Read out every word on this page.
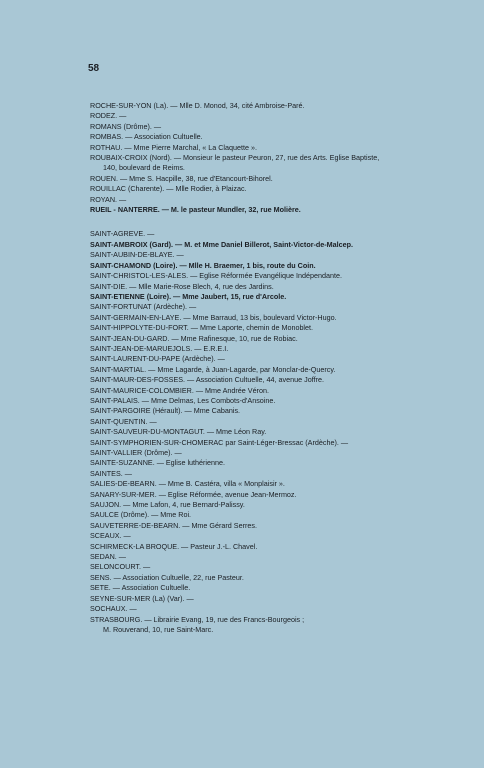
58
ROCHE-SUR-YON (La). — Mlle D. Monod, 34, cité Ambroise-Paré.
RODEZ. —
ROMANS (Drôme). —
ROMBAS. — Association Cultuelle.
ROTHAU. — Mme Pierre Marchal, « La Claquette ».
ROUBAIX-CROIX (Nord). — Monsieur le pasteur Peuron, 27, rue des Arts. Eglise Baptiste,
140, boulevard de Reims.
ROUEN. — Mme S. Hacpille, 38, rue d'Etancourt-Bihorel.
ROUILLAC (Charente). — Mlle Rodier, à Plaizac.
ROYAN. —
RUEIL - NANTERRE. — M. le pasteur Mundler, 32, rue Molière.
SAINT-AGREVE. —
SAINT-AMBROIX (Gard). — M. et Mme Daniel Billerot, Saint-Victor-de-Malcep.
SAINT-AUBIN-DE-BLAYE. —
SAINT-CHAMOND (Loire). — Mlle H. Braemer, 1 bis, route du Coin.
SAINT-CHRISTOL-LES-ALES. — Eglise Réformée Evangélique Indépendante.
SAINT-DIE. — Mlle Marie-Rose Blech, 4, rue des Jardins.
SAINT-ETIENNE (Loire). — Mme Jaubert, 15, rue d'Arcole.
SAINT-FORTUNAT (Ardèche). —
SAINT-GERMAIN-EN-LAYE. — Mme Barraud, 13 bis, boulevard Victor-Hugo.
SAINT-HIPPOLYTE-DU-FORT. — Mme Laporte, chemin de Monoblet.
SAINT-JEAN-DU-GARD. — Mme Rafinesque, 10, rue de Robiac.
SAINT-JEAN-DE-MARUEJOLS. — E.R.E.I.
SAINT-LAURENT-DU-PAPE (Ardèche). —
SAINT-MARTIAL. — Mme Lagarde, à Juan-Lagarde, par Monclar-de-Quercy.
SAINT-MAUR-DES-FOSSES. — Association Cultuelle, 44, avenue Joffre.
SAINT-MAURICE-COLOMBIER. — Mme Andrée Véron.
SAINT-PALAIS. — Mme Delmas, Les Combots-d'Ansoine.
SAINT-PARGOIRE (Hérault). — Mme Cabanis.
SAINT-QUENTIN. —
SAINT-SAUVEUR-DU-MONTAGUT. — Mme Léon Ray.
SAINT-SYMPHORIEN-SUR-CHOMERAC par Saint-Léger-Bressac (Ardèche). —
SAINT-VALLIER (Drôme). —
SAINTE-SUZANNE. — Eglise luthérienne.
SAINTES. —
SALIES-DE-BEARN. — Mme B. Castéra, villa « Monplaisir ».
SANARY-SUR-MER. — Eglise Réformée, avenue Jean-Mermoz.
SAUJON. — Mme Lafon, 4, rue Bernard-Palissy.
SAULCE (Drôme). — Mme Roi.
SAUVETERRE-DE-BEARN. — Mme Gérard Serres.
SCEAUX. —
SCHIRMECK-LA BROQUE. — Pasteur J.-L. Chavel.
SEDAN. —
SELONCOURT. —
SENS. — Association Cultuelle, 22, rue Pasteur.
SETE. — Association Cultuelle.
SEYNE-SUR-MER (La) (Var). —
SOCHAUX. —
STRASBOURG. — Librairie Evang, 19, rue des Francs-Bourgeois ;
M. Rouverand, 10, rue Saint-Marc.
